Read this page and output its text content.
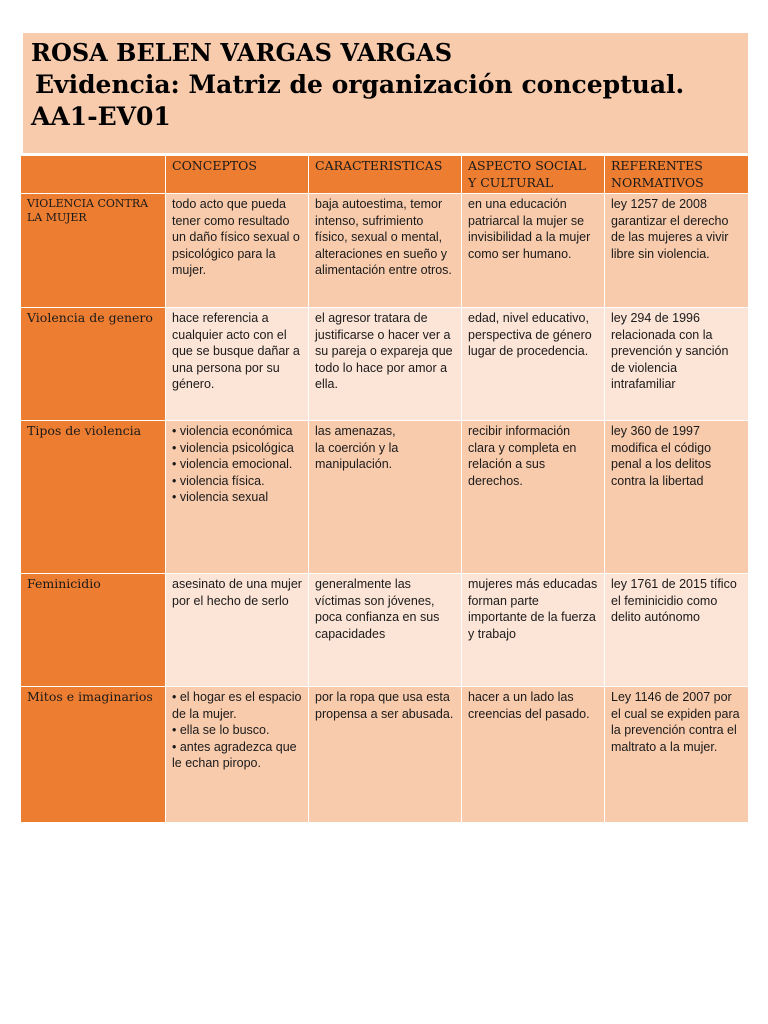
ROSA BELEN VARGAS VARGAS
Evidencia: Matriz de organización conceptual.
AA1-EV01
	CONCEPTOS	CARACTERISTICAS	ASPECTO SOCIAL Y CULTURAL	REFERENTES NORMATIVOS
VIOLENCIA CONTRA LA MUJER	todo acto que pueda tener como resultado un daño físico sexual o psicológico para la mujer.	baja autoestima, temor intenso, sufrimiento físico, sexual o mental, alteraciones en sueño y alimentación entre otros.	en una educación patriarcal la mujer se invisibilidad a la mujer como ser humano.	ley 1257 de 2008 garantizar el derecho de las mujeres a vivir libre sin violencia.
Violencia de genero	hace referencia a cualquier acto con el que se busque dañar a una persona por su género.	el agresor tratara de justificarse o hacer ver a su pareja o expareja que todo lo hace por amor a ella.	edad, nivel educativo, perspectiva de género lugar de procedencia.	ley 294 de 1996 relacionada con la prevención y sanción de violencia intrafamiliar
Tipos de violencia	• violencia económica
• violencia psicológica
• violencia emocional.
• violencia física.
• violencia sexual	las amenazas,
la coerción y la manipulación.	recibir información clara y completa en relación a sus derechos.	ley 360 de 1997 modifica el código penal a los delitos contra la libertad
Feminicidio	asesinato de una mujer por el hecho de serlo	generalmente las víctimas son jóvenes, poca confianza en sus capacidades	mujeres más educadas forman parte importante de la fuerza y trabajo	ley 1761 de 2015 tífico el feminicidio como delito autónomo
Mitos e imaginarios	• el hogar es el espacio
de la mujer.
• ella se lo busco.
• antes agradezca que
le echan piropo.	por la ropa que usa esta propensa a ser abusada.	hacer a un lado las creencias del pasado.	Ley 1146 de 2007 por el cual se expiden para la prevención contra el maltrato a la mujer.
